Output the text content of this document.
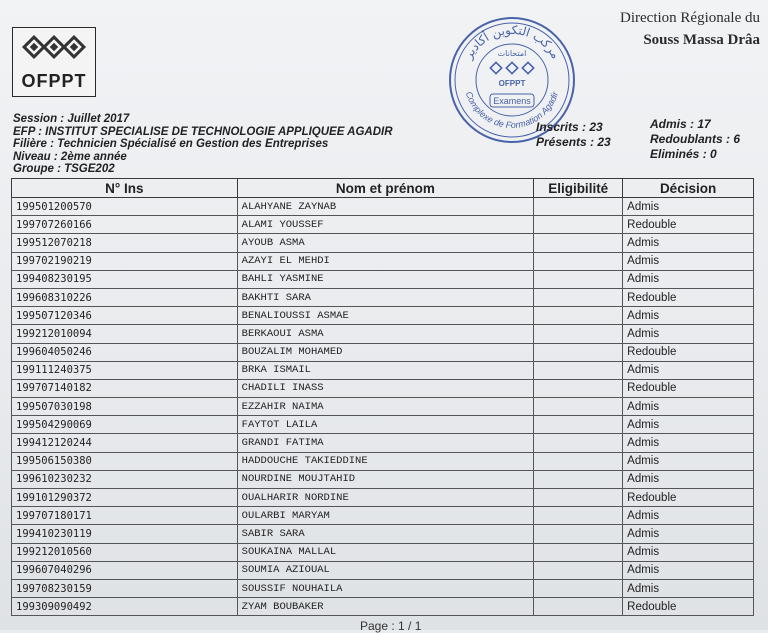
OFPPT
Direction Régionale du
Souss Massa Drâa
مركب التكوين أكادير
Complexe de Formation Agadir
امتحانات
OFPPT
Examens
Session : Juillet 2017
EFP : INSTITUT SPECIALISE DE TECHNOLOGIE APPLIQUEE AGADIR
Filière : Technicien Spécialisé en Gestion des Entreprises
Niveau : 2ème année
Groupe : TSGE202
Inscrits : 23
Présents : 23
Admis : 17
Redoublants : 6
Eliminés : 0
N° Ins	Nom et prénom	Eligibilité	Décision
199501200570	ALAHYANE ZAYNAB		Admis
199707260166	ALAMI YOUSSEF		Redouble
199512070218	AYOUB ASMA		Admis
199702190219	AZAYI EL MEHDI		Admis
199408230195	BAHLI YASMINE		Admis
199608310226	BAKHTI SARA		Redouble
199507120346	BENALIOUSSI ASMAE		Admis
199212010094	BERKAOUI ASMA		Admis
199604050246	BOUZALIM MOHAMED		Redouble
199111240375	BRKA ISMAIL		Admis
199707140182	CHADILI INASS		Redouble
199507030198	EZZAHIR NAIMA		Admis
199504290069	FAYTOT LAILA		Admis
199412120244	GRANDI FATIMA		Admis
199506150380	HADDOUCHE TAKIEDDINE		Admis
199610230232	NOURDINE MOUJTAHID		Admis
199101290372	OUALHARIR NORDINE		Redouble
199707180171	OULARBI MARYAM		Admis
199410230119	SABIR SARA		Admis
199212010560	SOUKAINA MALLAL		Admis
199607040296	SOUMIA AZIOUAL		Admis
199708230159	SOUSSIF NOUHAILA		Admis
199309090492	ZYAM BOUBAKER		Redouble
Page : 1 / 1
